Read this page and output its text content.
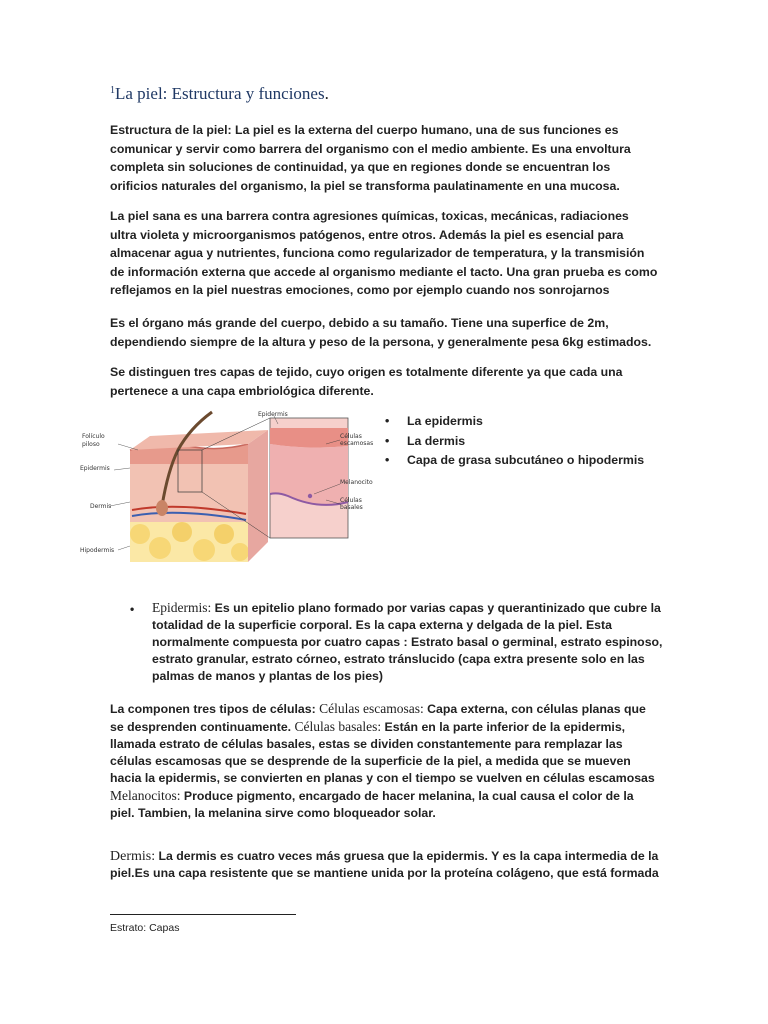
$^1$La piel: Estructura y funciones.

Estructura de la piel: La piel es la externa del cuerpo humano, una de sus funciones es comunicar y servir como barrera del organismo con el medio ambiente. Es una envoltura completa sin soluciones de continuidad, ya que en regiones donde se encuentran los orificios naturales del organismo, la piel se transforma paulatinamente en una mucosa.

La piel sana es una barrera contra agresiones químicas, toxicas, mecánicas, radiaciones ultra violeta y microorganismos patógenos, entre otros. Además la piel es esencial para almacenar agua y nutrientes, funciona como regularizador de temperatura, y la transmisión de información externa que accede al organismo mediante el tacto. Una gran prueba es como reflejamos en la piel nuestras emociones, como por ejemplo cuando nos sonrojarnos

Es el órgano más grande del cuerpo, debido a su tamaño. Tiene una superfice de 2m, dependiendo siempre de la altura y peso de la persona, y generalmente pesa 6kg estimados.

Se distinguen tres capas de tejido, cuyo origen es totalmente diferente ya que cada una pertenece a una capa embriológica diferente.

Folículo
piloso
Epidermis
Dermis
Hipodermis
Epidermis
Células
escamosas
Melanocito
Células
basales
• La epidermis
• La dermis
• Capa de grasa subcutáneo o hipodermis
•	Epidermis: Es un epitelio plano formado por varias capas y querantinizado que cubre la totalidad de la superficie corporal. Es la capa externa y delgada de la piel. Esta normalmente compuesta por cuatro capas : Estrato basal o germinal, estrato espinoso, estrato granular, estrato córneo, estrato tránslucido (capa extra presente solo en las palmas de manos y plantas de los pies)

La componen tres tipos de células: Células escamosas: Capa externa, con células planas que se desprenden continuamente. Células basales: Están en la parte inferior de la epidermis, llamada estrato de células basales, estas se dividen constantemente para remplazar las células escamosas que se desprende de la superficie de la piel, a medida que se mueven hacia la epidermis, se convierten en planas y con el tiempo se vuelven en células escamosas Melanocitos: Produce pigmento, encargado de hacer melanina, la cual causa el color de la piel. Tambien, la melanina sirve como bloqueador solar.

Dermis: La dermis es cuatro veces más gruesa que la epidermis. Y es la capa intermedia de la piel.Es una capa resistente que se mantiene unida por la proteína colágeno, que está formada

Estrato: Capas
